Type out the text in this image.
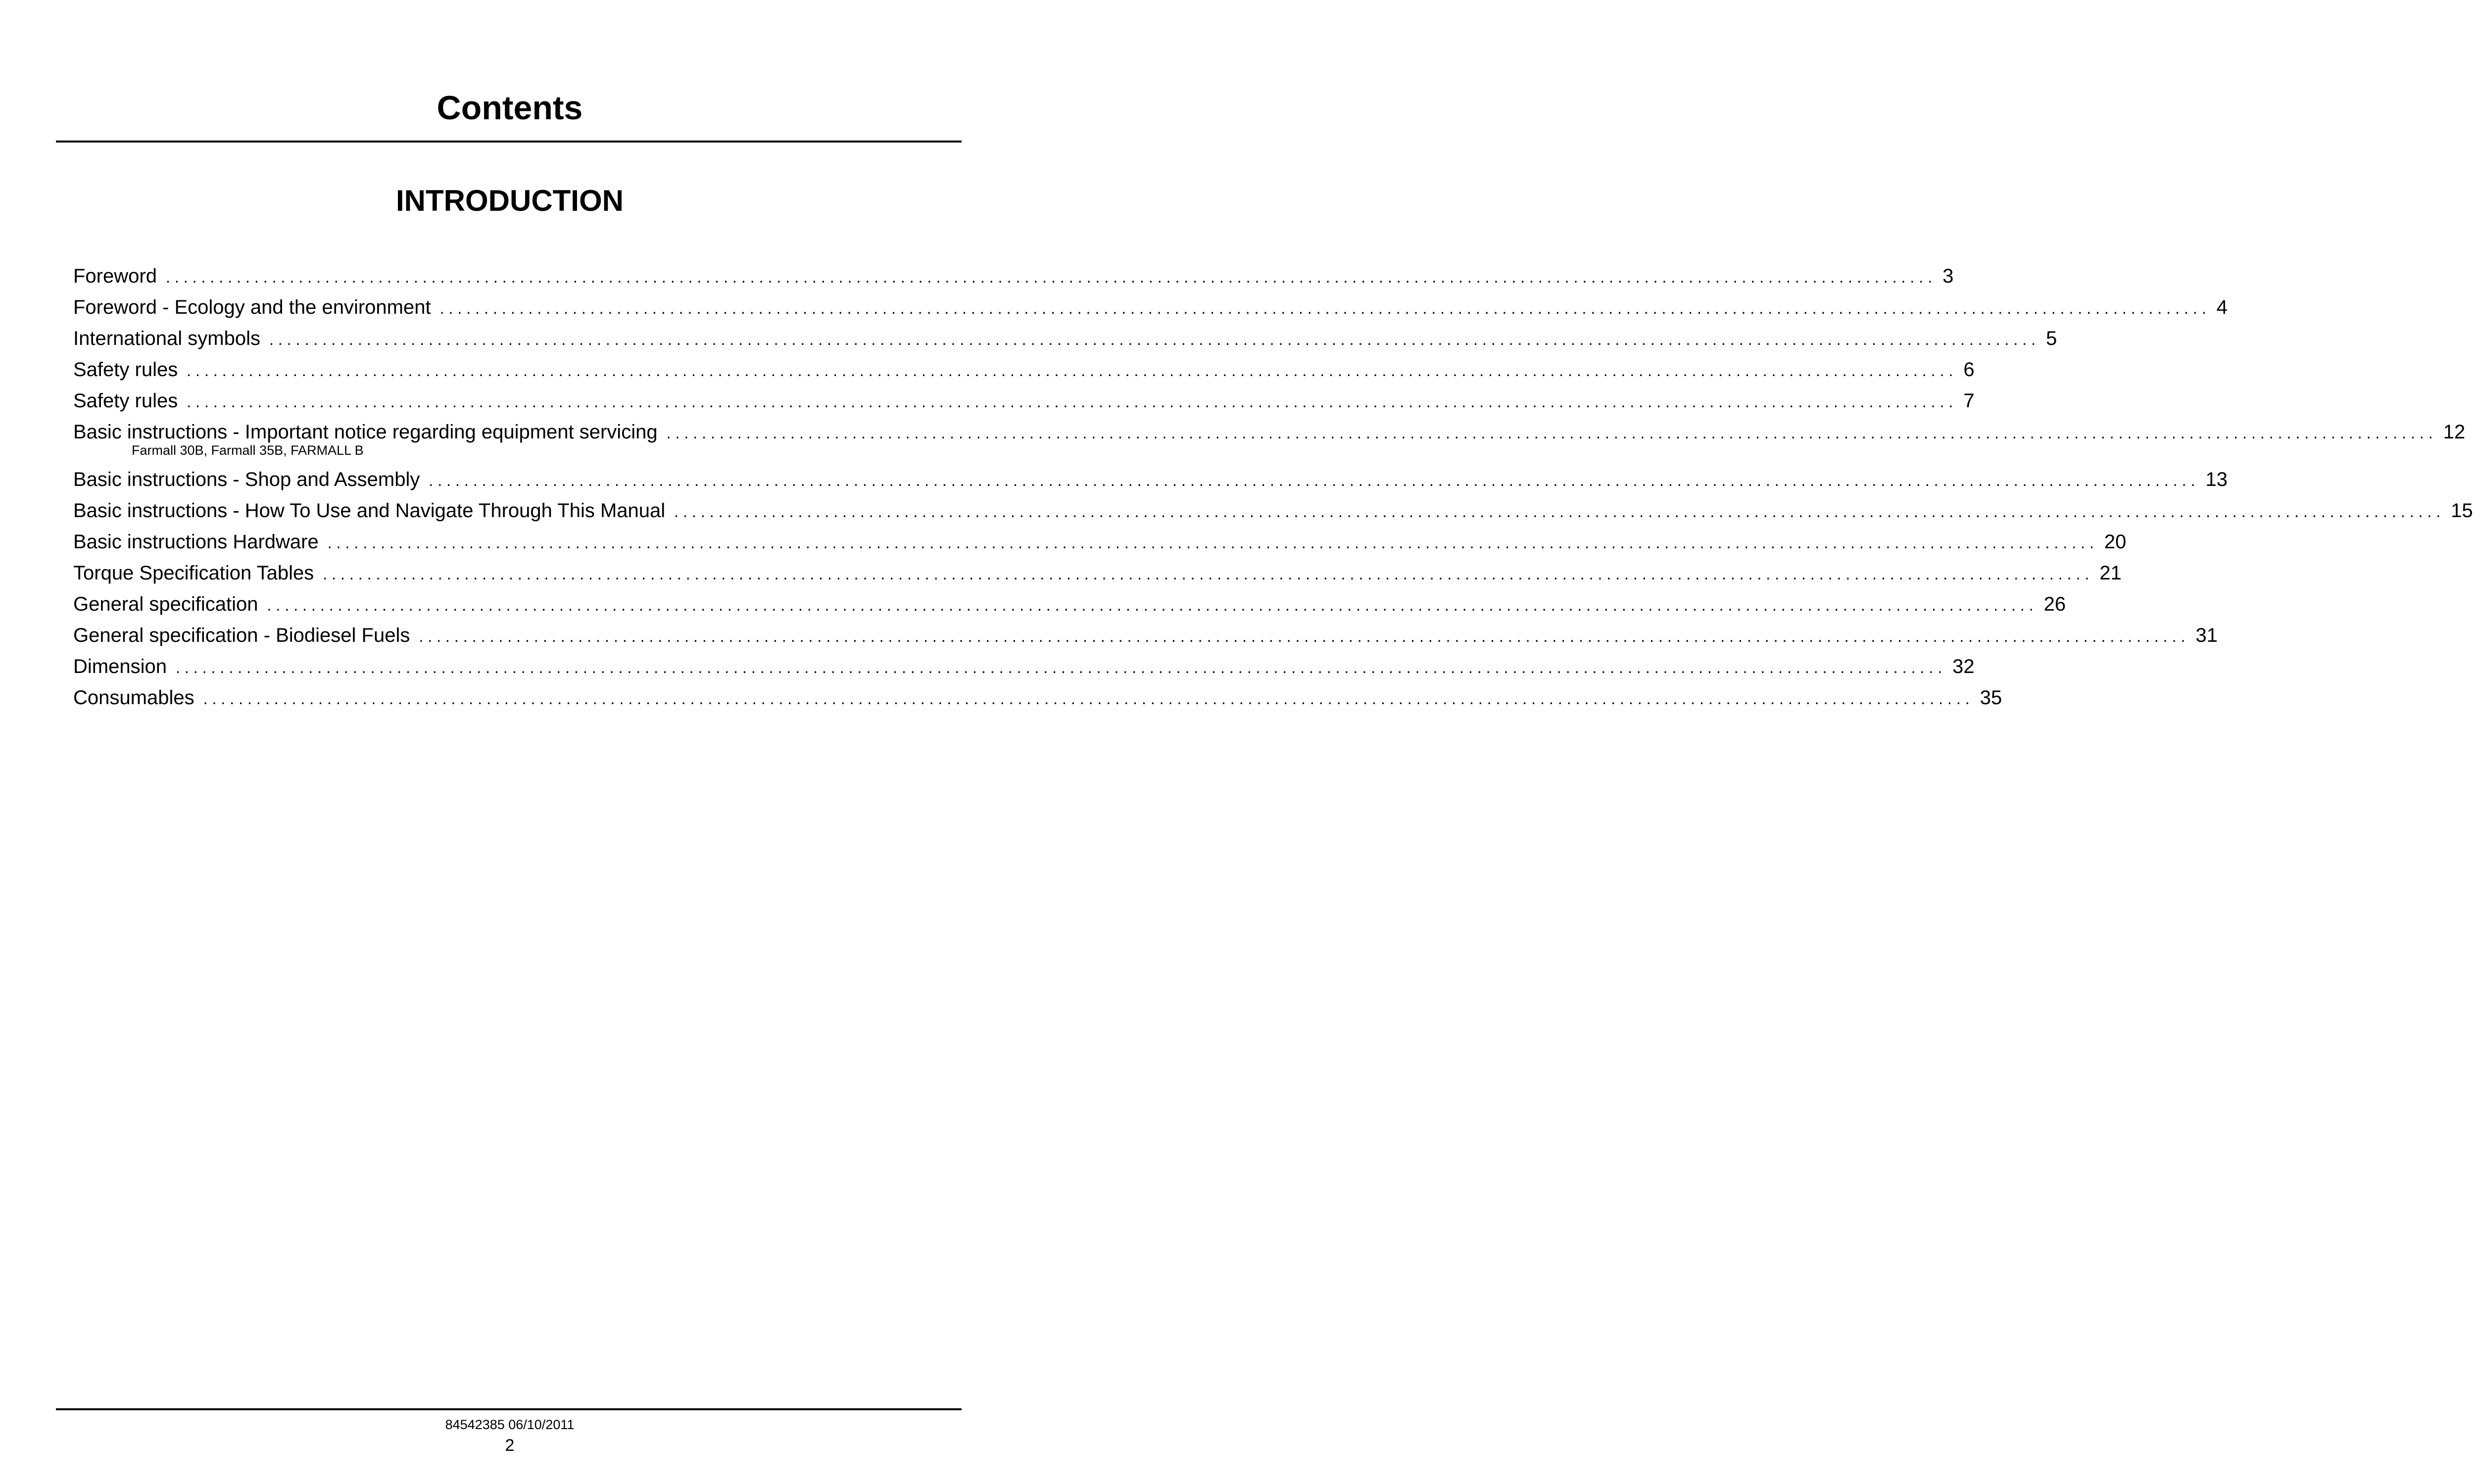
Contents
INTRODUCTION
Foreword ........................................................................................................................................................................................................ 3
Foreword - Ecology and the environment ........................................................................................................................................................................................................ 4
International symbols ........................................................................................................................................................................................................ 5
Safety rules ........................................................................................................................................................................................................ 6
Safety rules ........................................................................................................................................................................................................ 7
Basic instructions - Important notice regarding equipment servicing ........................................................................................................................................................................................................ 12
Farmall 30B, Farmall 35B, FARMALL B
Basic instructions - Shop and Assembly ........................................................................................................................................................................................................ 13
Basic instructions - How To Use and Navigate Through This Manual ........................................................................................................................................................................................................ 15
Basic instructions Hardware ........................................................................................................................................................................................................ 20
Torque Specification Tables ........................................................................................................................................................................................................ 21
General specification ........................................................................................................................................................................................................ 26
General specification - Biodiesel Fuels ........................................................................................................................................................................................................ 31
Dimension ........................................................................................................................................................................................................ 32
Consumables ........................................................................................................................................................................................................ 35
84542385 06/10/2011
2
